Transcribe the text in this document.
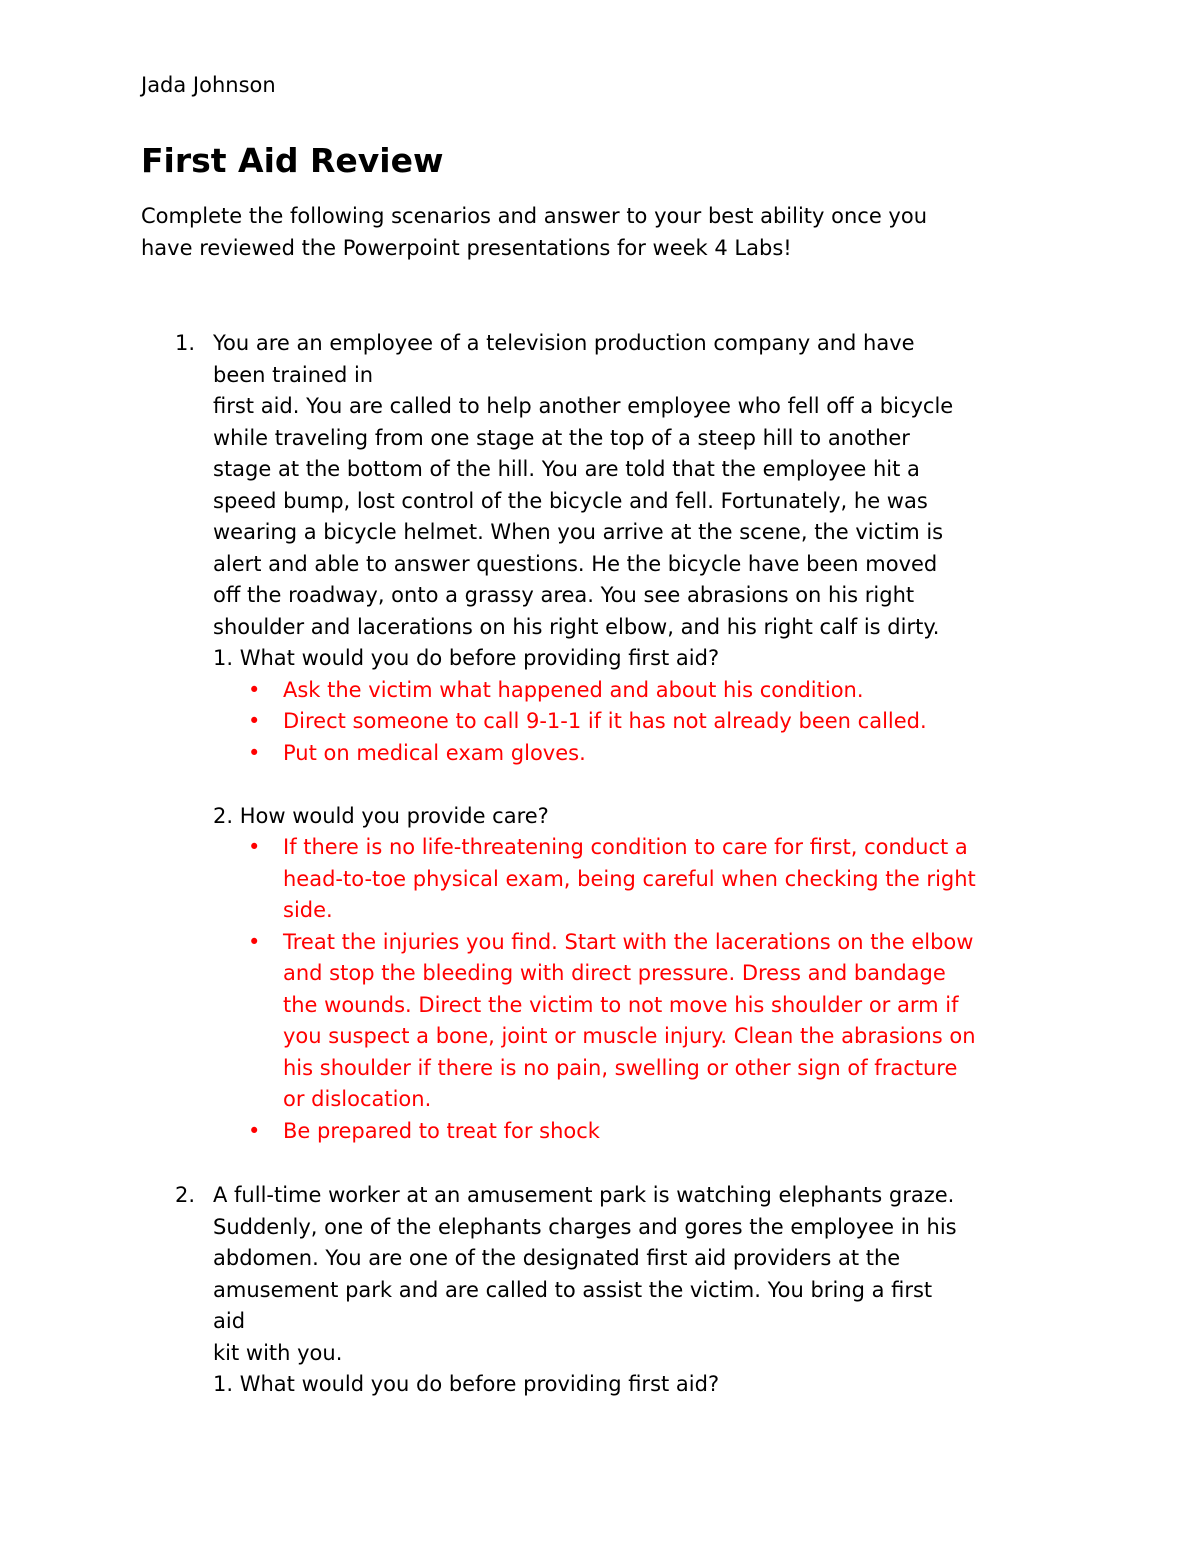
Jada Johnson
First Aid Review
Complete the following scenarios and answer to your best ability once you
have reviewed the Powerpoint presentations for week 4 Labs!
1. You are an employee of a television production company and have
been trained in
first aid. You are called to help another employee who fell off a bicycle
while traveling from one stage at the top of a steep hill to another
stage at the bottom of the hill. You are told that the employee hit a
speed bump, lost control of the bicycle and fell. Fortunately, he was
wearing a bicycle helmet. When you arrive at the scene, the victim is
alert and able to answer questions. He the bicycle have been moved
off the roadway, onto a grassy area. You see abrasions on his right
shoulder and lacerations on his right elbow, and his right calf is dirty.
1. What would you do before providing first aid?
• Ask the victim what happened and about his condition.
• Direct someone to call 9-1-1 if it has not already been called.
• Put on medical exam gloves.
2. How would you provide care?
• If there is no life-threatening condition to care for first, conduct a
head-to-toe physical exam, being careful when checking the right
side.
• Treat the injuries you find. Start with the lacerations on the elbow
and stop the bleeding with direct pressure. Dress and bandage
the wounds. Direct the victim to not move his shoulder or arm if
you suspect a bone, joint or muscle injury. Clean the abrasions on
his shoulder if there is no pain, swelling or other sign of fracture
or dislocation.
• Be prepared to treat for shock
2. A full-time worker at an amusement park is watching elephants graze.
Suddenly, one of the elephants charges and gores the employee in his
abdomen. You are one of the designated first aid providers at the
amusement park and are called to assist the victim. You bring a first
aid
kit with you.
1. What would you do before providing first aid?
